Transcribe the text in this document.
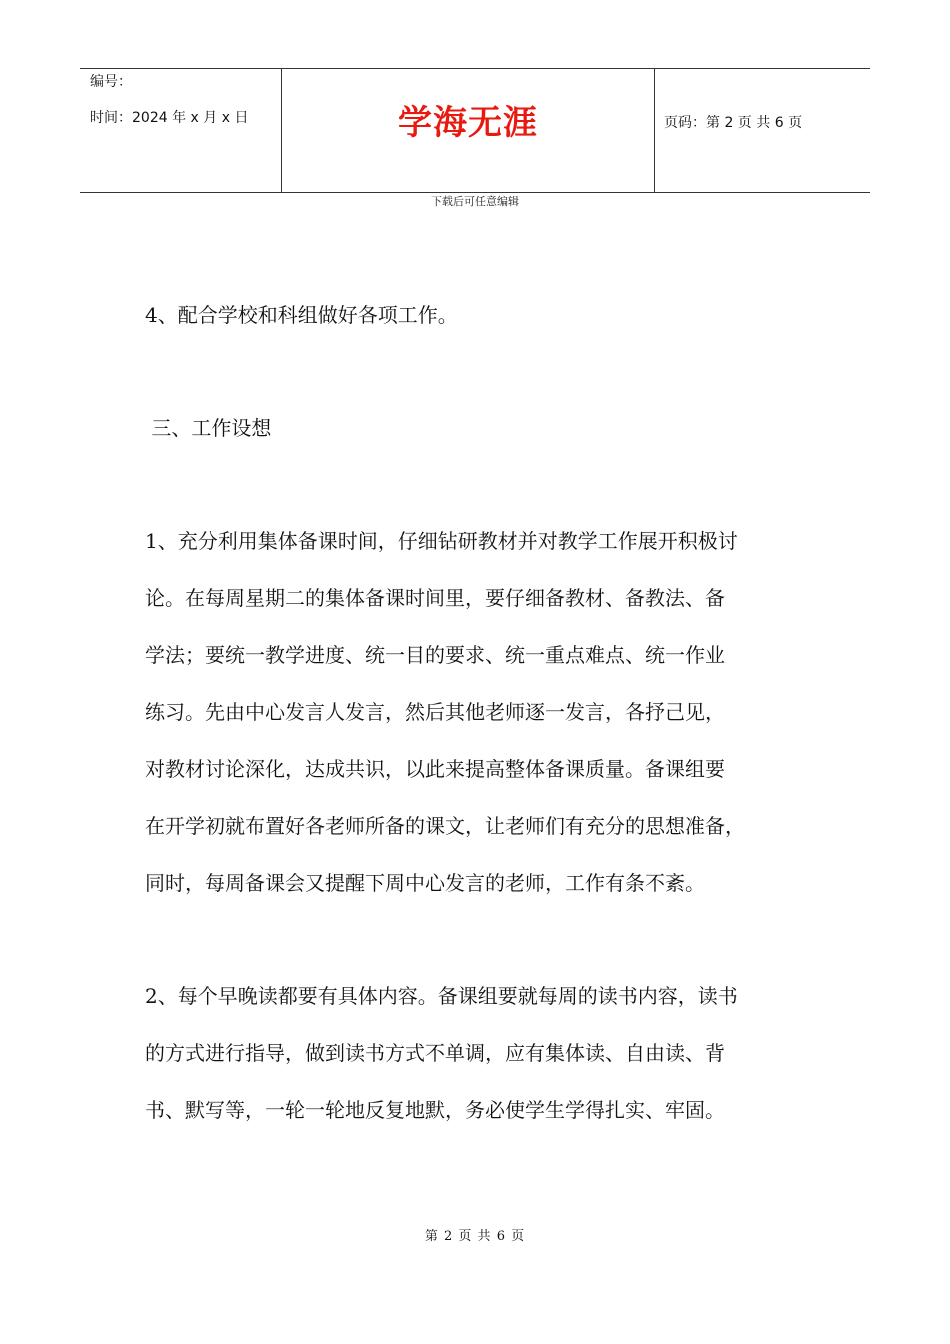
编号：
时间：2024 年 x 月 x 日	学海无涯	页码：第 2 页 共 6 页
下载后可任意编辑

4、配合学校和科组做好各项工作。

三、工作设想

1、充分利用集体备课时间，仔细钻研教材并对教学工作展开积极讨

论。在每周星期二的集体备课时间里，要仔细备教材、备教法、备

学法；要统一教学进度、统一目的要求、统一重点难点、统一作业

练习。先由中心发言人发言，然后其他老师逐一发言，各抒己见，

对教材讨论深化，达成共识，以此来提高整体备课质量。备课组要

在开学初就布置好各老师所备的课文，让老师们有充分的思想准备，

同时，每周备课会又提醒下周中心发言的老师，工作有条不紊。

2、每个早晚读都要有具体内容。备课组要就每周的读书内容，读书

的方式进行指导，做到读书方式不单调，应有集体读、自由读、背

书、默写等，一轮一轮地反复地默，务必使学生学得扎实、牢固。

第 2 页 共 6 页
